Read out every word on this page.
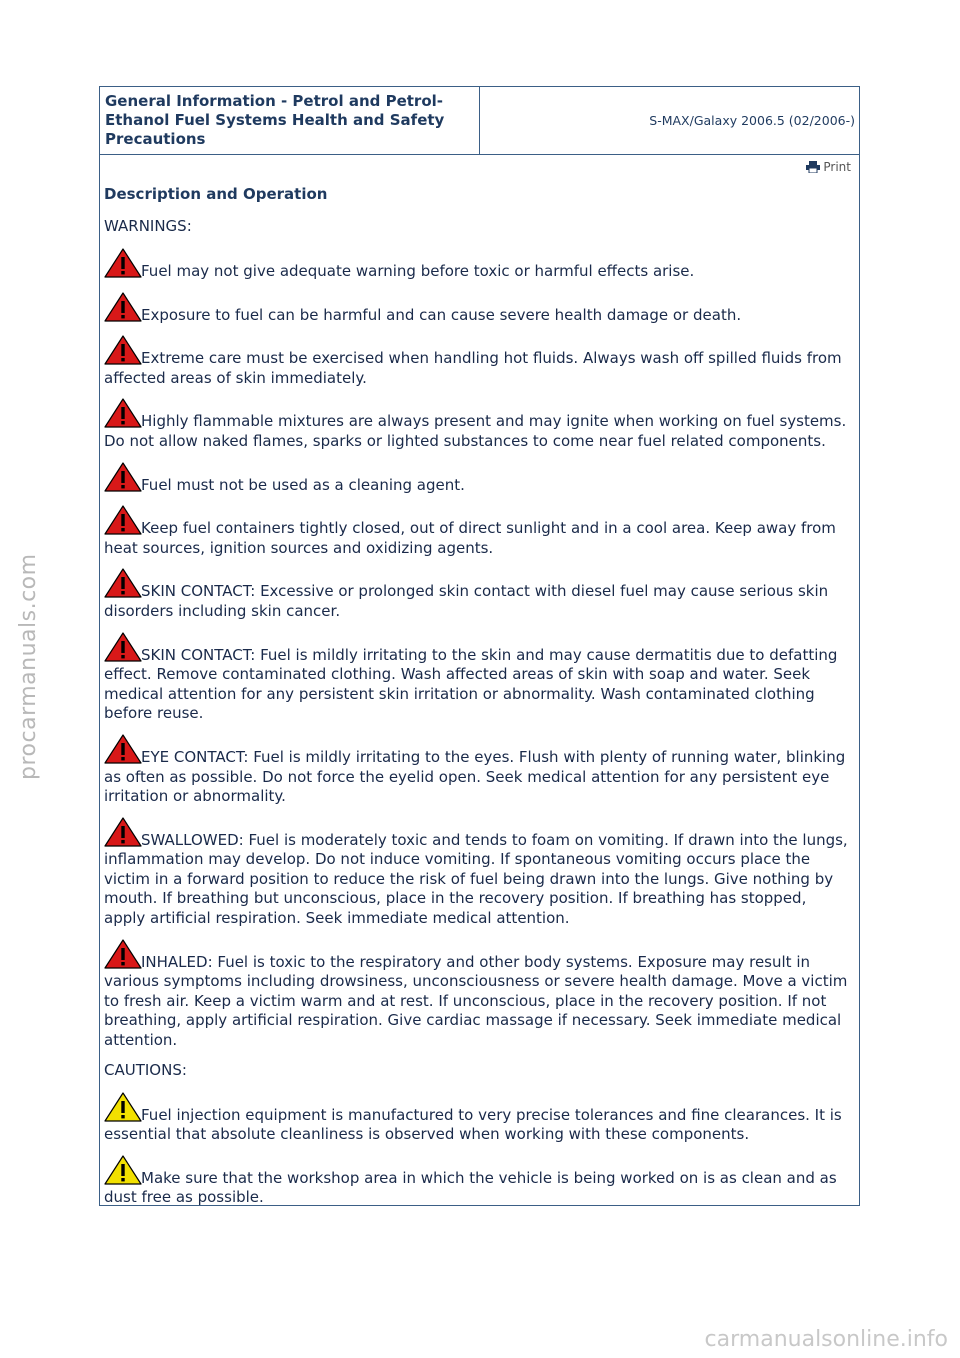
General Information - Petrol and Petrol-
Ethanol Fuel Systems Health and Safety
Precautions
S-MAX/Galaxy 2006.5 (02/2006-)
Print
Description and Operation
WARNINGS:
Fuel may not give adequate warning before toxic or harmful effects arise.
Exposure to fuel can be harmful and can cause severe health damage or death.
Extreme care must be exercised when handling hot fluids. Always wash off spilled fluids from affected areas of skin immediately.
Highly flammable mixtures are always present and may ignite when working on fuel systems. Do not allow naked flames, sparks or lighted substances to come near fuel related components.
Fuel must not be used as a cleaning agent.
Keep fuel containers tightly closed, out of direct sunlight and in a cool area. Keep away from heat sources, ignition sources and oxidizing agents.
SKIN CONTACT: Excessive or prolonged skin contact with diesel fuel may cause serious skin disorders including skin cancer.
SKIN CONTACT: Fuel is mildly irritating to the skin and may cause dermatitis due to defatting effect. Remove contaminated clothing. Wash affected areas of skin with soap and water. Seek medical attention for any persistent skin irritation or abnormality. Wash contaminated clothing before reuse.
EYE CONTACT: Fuel is mildly irritating to the eyes. Flush with plenty of running water, blinking as often as possible. Do not force the eyelid open. Seek medical attention for any persistent eye irritation or abnormality.
SWALLOWED: Fuel is moderately toxic and tends to foam on vomiting. If drawn into the lungs, inflammation may develop. Do not induce vomiting. If spontaneous vomiting occurs place the victim in a forward position to reduce the risk of fuel being drawn into the lungs. Give nothing by mouth. If breathing but unconscious, place in the recovery position. If breathing has stopped, apply artificial respiration. Seek immediate medical attention.
INHALED: Fuel is toxic to the respiratory and other body systems. Exposure may result in various symptoms including drowsiness, unconsciousness or severe health damage. Move a victim to fresh air. Keep a victim warm and at rest. If unconscious, place in the recovery position. If not breathing, apply artificial respiration. Give cardiac massage if necessary. Seek immediate medical attention.
CAUTIONS:
Fuel injection equipment is manufactured to very precise tolerances and fine clearances. It is essential that absolute cleanliness is observed when working with these components.
Make sure that the workshop area in which the vehicle is being worked on is as clean and as dust free as possible.
procarmanuals.com
carmanualsonline.info
